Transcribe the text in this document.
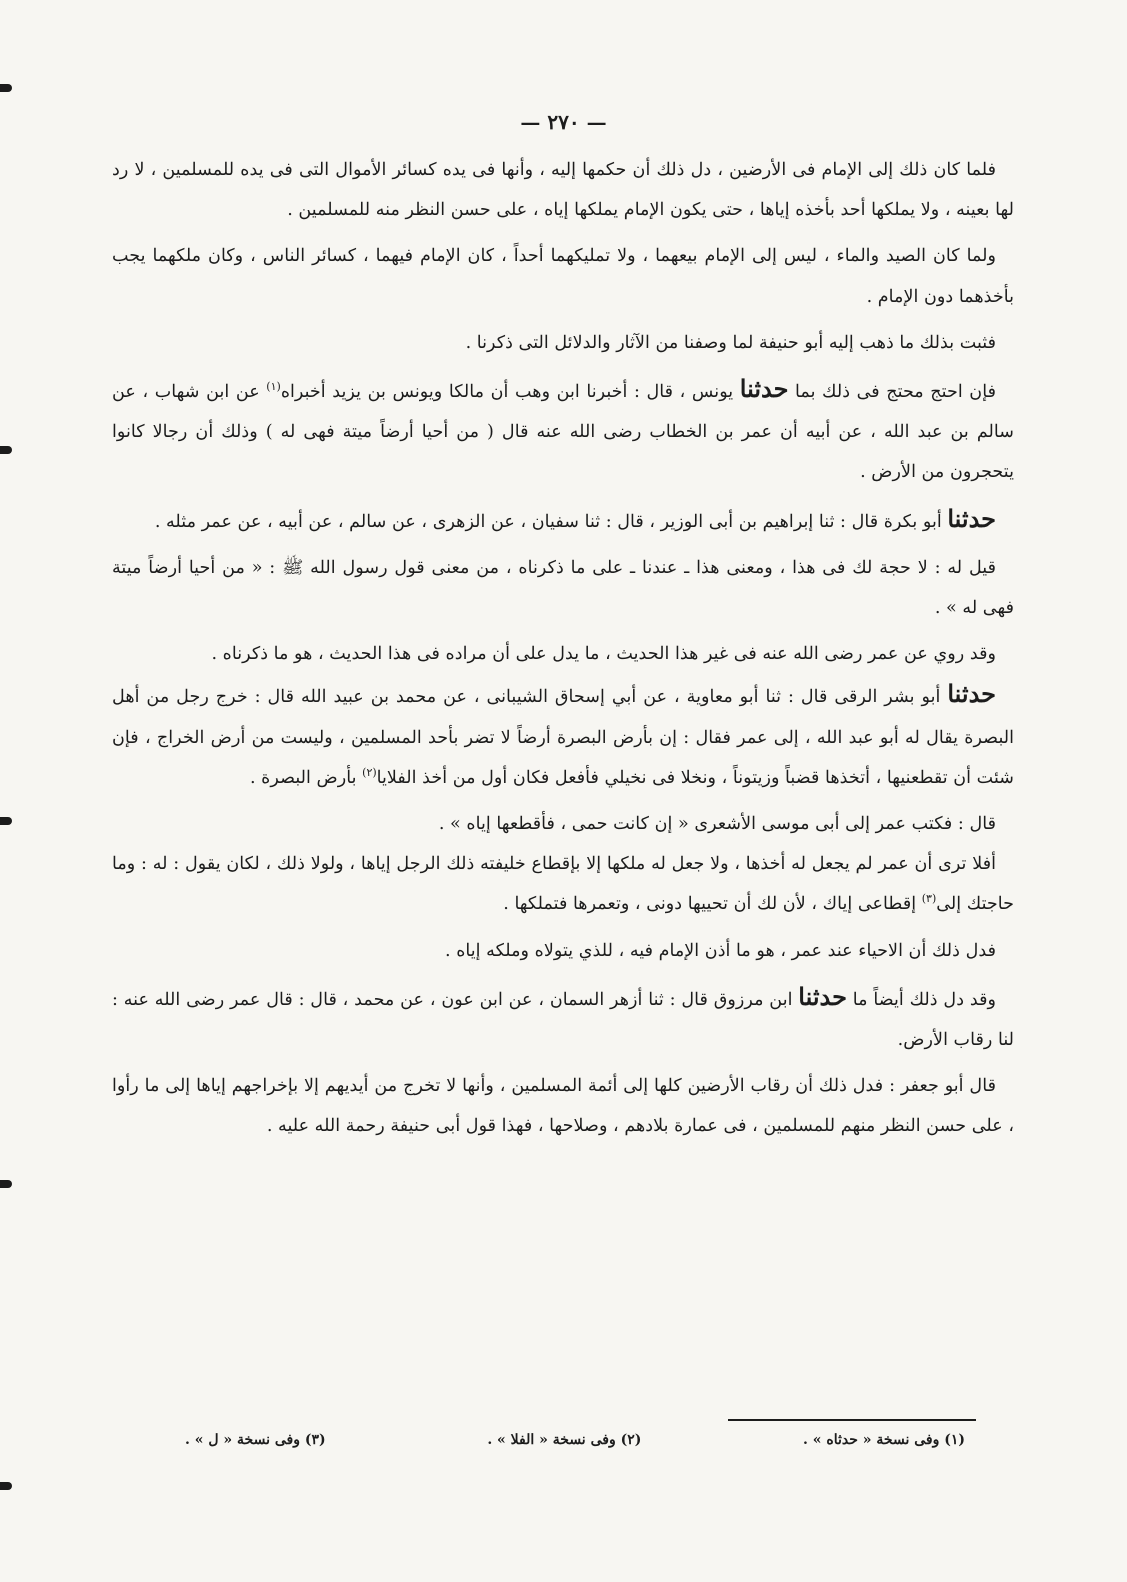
— ٢٧٠ —

فلما كان ذلك إلى الإمام فى الأرضين ، دل ذلك أن حكمها إليه ، وأنها فى يده كسائر الأموال التى فى يده للمسلمين ، لا رد لها بعينه ، ولا يملكها أحد بأخذه إياها ، حتى يكون الإمام يملكها إياه ، على حسن النظر منه للمسلمين .

ولما كان الصيد والماء ، ليس إلى الإمام بيعهما ، ولا تمليكهما أحداً ، كان الإمام فيهما ، كسائر الناس ، وكان ملكهما يجب بأخذهما دون الإمام .

فثبت بذلك ما ذهب إليه أبو حنيفة لما وصفنا من الآثار والدلائل التى ذكرنا .

فإن احتج محتج فى ذلك بما حدثنا يونس ، قال : أخبرنا ابن وهب أن مالكا ويونس بن يزيد أخبراه$^{(١)}$ عن ابن شهاب ، عن سالم بن عبد الله ، عن أبيه أن عمر بن الخطاب رضى الله عنه قال ( من أحيا أرضاً ميتة فهى له ) وذلك أن رجالا كانوا يتحجرون من الأرض .

حدثنا أبو بكرة قال : ثنا إبراهيم بن أبى الوزير ، قال : ثنا سفيان ، عن الزهرى ، عن سالم ، عن أبيه ، عن عمر مثله .

قيل له : لا حجة لك فى هذا ، ومعنى هذا ـ عندنا ـ على ما ذكرناه ، من معنى قول رسول الله ﷺ : « من أحيا أرضاً ميتة فهى له » .

وقد روي عن عمر رضى الله عنه فى غير هذا الحديث ، ما يدل على أن مراده فى هذا الحديث ، هو ما ذكرناه .

حدثنا أبو بشر الرقى قال : ثنا أبو معاوية ، عن أبي إسحاق الشيبانى ، عن محمد بن عبيد الله قال : خرج رجل من أهل البصرة يقال له أبو عبد الله ، إلى عمر فقال : إن بأرض البصرة أرضاً لا تضر بأحد المسلمين ، وليست من أرض الخراج ، فإن شئت أن تقطعنيها ، أتخذها قضباً وزيتوناً ، ونخلا فى نخيلي فأفعل فكان أول من أخذ الفلايا$^{(٢)}$ بأرض البصرة .

قال : فكتب عمر إلى أبى موسى الأشعرى « إن كانت حمى ، فأقطعها إياه » .

أفلا ترى أن عمر لم يجعل له أخذها ، ولا جعل له ملكها إلا بإقطاع خليفته ذلك الرجل إياها ، ولولا ذلك ، لكان يقول : له : وما حاجتك إلى$^{(٣)}$ إقطاعى إياك ، لأن لك أن تحييها دونى ، وتعمرها فتملكها .

فدل ذلك أن الاحياء عند عمر ، هو ما أذن الإمام فيه ، للذي يتولاه وملكه إياه .

وقد دل ذلك أيضاً ما حدثنا ابن مرزوق قال : ثنا أزهر السمان ، عن ابن عون ، عن محمد ، قال : قال عمر رضى الله عنه : لنا رقاب الأرض.

قال أبو جعفر : فدل ذلك أن رقاب الأرضين كلها إلى أئمة المسلمين ، وأنها لا تخرج من أيديهم إلا بإخراجهم إياها إلى ما رأوا ، على حسن النظر منهم للمسلمين ، فى عمارة بلادهم ، وصلاحها ، فهذا قول أبى حنيفة رحمة الله عليه .

(١) وفى نسخة « حدثاه » .
(٢) وفى نسخة « الفلا » .
(٣) وفى نسخة « ل » .
